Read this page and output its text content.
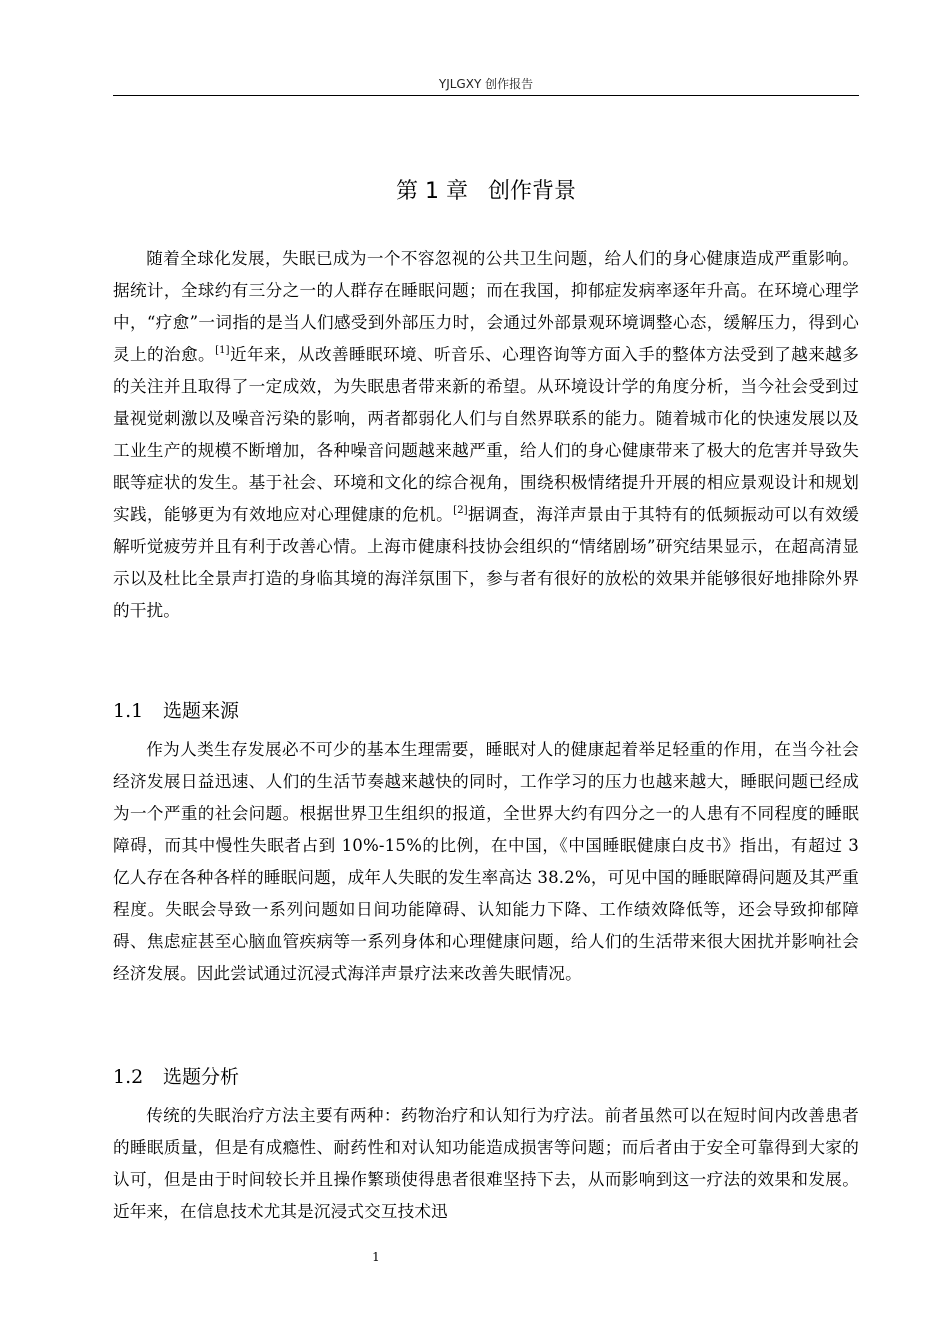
YJLGXY 创作报告
第 1 章 创作背景

随着全球化发展，失眠已成为一个不容忽视的公共卫生问题，给人们的身心健康造成严重影响。据统计，全球约有三分之一的人群存在睡眠问题；而在我国，抑郁症发病率逐年升高。在环境心理学中，“疗愈”一词指的是当人们感受到外部压力时，会通过外部景观环境调整心态，缓解压力，得到心灵上的治愈。[1]近年来，从改善睡眠环境、听音乐、心理咨询等方面入手的整体方法受到了越来越多的关注并且取得了一定成效，为失眠患者带来新的希望。从环境设计学的角度分析，当今社会受到过量视觉刺激以及噪音污染的影响，两者都弱化人们与自然界联系的能力。随着城市化的快速发展以及工业生产的规模不断增加，各种噪音问题越来越严重，给人们的身心健康带来了极大的危害并导致失眠等症状的发生。基于社会、环境和文化的综合视角，围绕积极情绪提升开展的相应景观设计和规划实践，能够更为有效地应对心理健康的危机。[2]据调查，海洋声景由于其特有的低频振动可以有效缓解听觉疲劳并且有利于改善心情。上海市健康科技协会组织的“情绪剧场”研究结果显示，在超高清显示以及杜比全景声打造的身临其境的海洋氛围下，参与者有很好的放松的效果并能够很好地排除外界的干扰。

1.1 选题来源

作为人类生存发展必不可少的基本生理需要，睡眠对人的健康起着举足轻重的作用，在当今社会经济发展日益迅速、人们的生活节奏越来越快的同时，工作学习的压力也越来越大，睡眠问题已经成为一个严重的社会问题。根据世界卫生组织的报道，全世界大约有四分之一的人患有不同程度的睡眠障碍，而其中慢性失眠者占到 10%-15%的比例，在中国，《中国睡眠健康白皮书》指出，有超过 3 亿人存在各种各样的睡眠问题，成年人失眠的发生率高达 38.2%，可见中国的睡眠障碍问题及其严重程度。失眠会导致一系列问题如日间功能障碍、认知能力下降、工作绩效降低等，还会导致抑郁障碍、焦虑症甚至心脑血管疾病等一系列身体和心理健康问题，给人们的生活带来很大困扰并影响社会经济发展。因此尝试通过沉浸式海洋声景疗法来改善失眠情况。

1.2 选题分析

传统的失眠治疗方法主要有两种：药物治疗和认知行为疗法。前者虽然可以在短时间内改善患者的睡眠质量，但是有成瘾性、耐药性和对认知功能造成损害等问题；而后者由于安全可靠得到大家的认可，但是由于时间较长并且操作繁琐使得患者很难坚持下去，从而影响到这一疗法的效果和发展。近年来，在信息技术尤其是沉浸式交互技术迅

1
